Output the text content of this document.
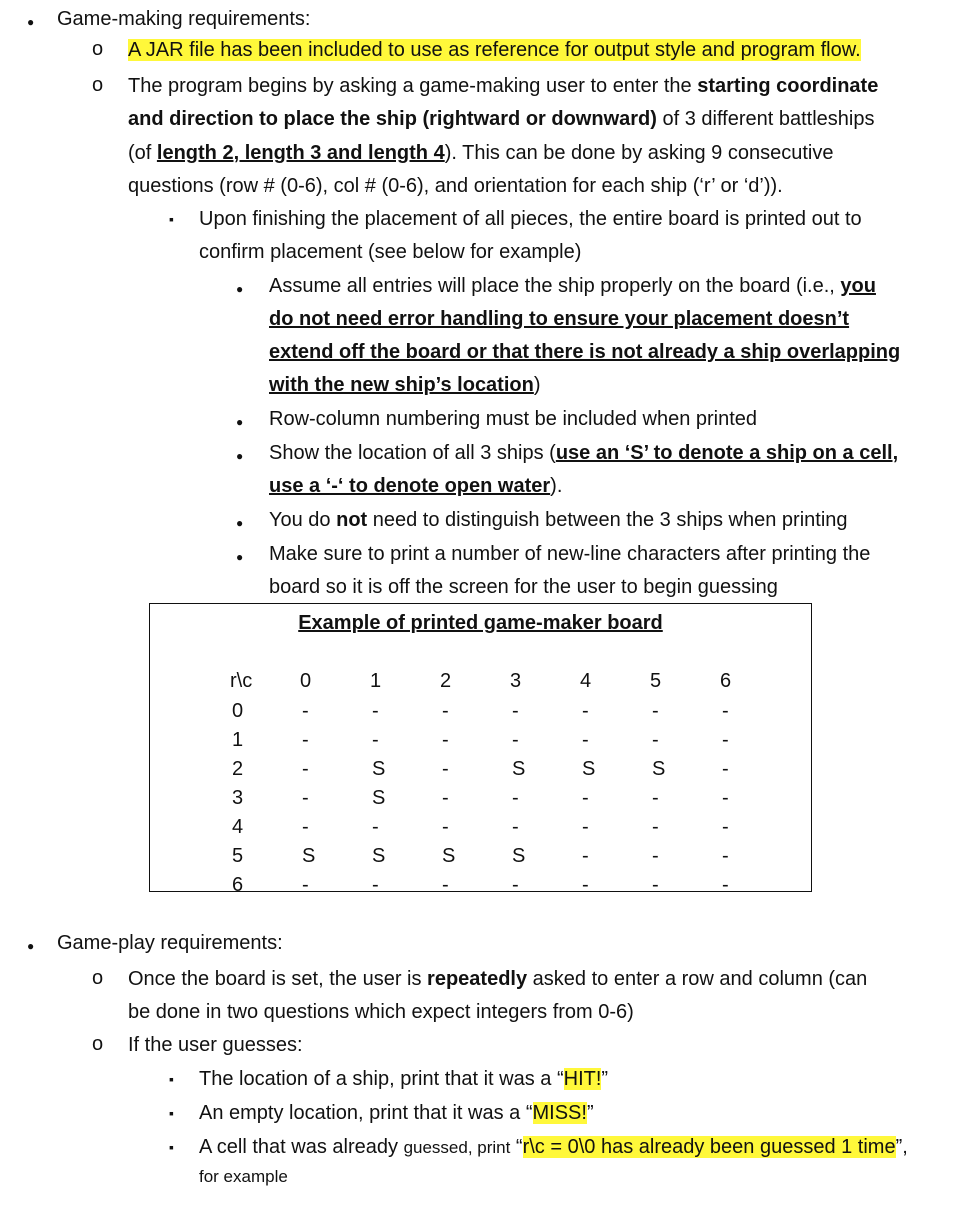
● Game-making requirements:
o A JAR file has been included to use as reference for output style and program flow.
o The program begins by asking a game-making user to enter the starting coordinate
and direction to place the ship (rightward or downward) of 3 different battleships
(of length 2, length 3 and length 4). This can be done by asking 9 consecutive
questions (row # (0-6), col # (0-6), and orientation for each ship (‘r’ or ‘d’)).
▪ Upon finishing the placement of all pieces, the entire board is printed out to
confirm placement (see below for example)
● Assume all entries will place the ship properly on the board (i.e., you
do not need error handling to ensure your placement doesn’t
extend off the board or that there is not already a ship overlapping
with the new ship’s location)
● Row-column numbering must be included when printed
● Show the location of all 3 ships (use an ‘S’ to denote a ship on a cell,
use a ‘-‘ to denote open water).
● You do not need to distinguish between the 3 ships when printing
● Make sure to print a number of new-line characters after printing the
board so it is off the screen for the user to begin guessing
Example of printed game-maker board
r\c	0	1	2	3	4	5	6
0	-	-	-	-	-	-	-
1	-	-	-	-	-	-	-
2	-	S	-	S	S	S	-
3	-	S	-	-	-	-	-
4	-	-	-	-	-	-	-
5	S	S	S	S	-	-	-
6	-	-	-	-	-	-	-
● Game-play requirements:
o Once the board is set, the user is repeatedly asked to enter a row and column (can
be done in two questions which expect integers from 0-6)
o If the user guesses:
▪ The location of a ship, print that it was a “HIT!”
▪ An empty location, print that it was a “MISS!”
▪ A cell that was already guessed, print “r\c = 0\0 has already been guessed 1 time”,
for example
